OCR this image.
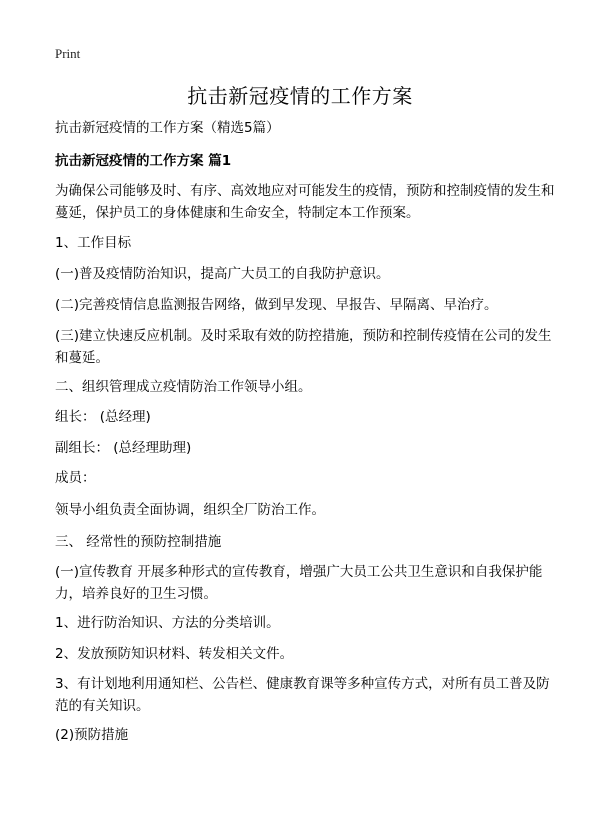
Print
抗击新冠疫情的工作方案
抗击新冠疫情的工作方案（精选5篇）
抗击新冠疫情的工作方案 篇1
为确保公司能够及时、有序、高效地应对可能发生的疫情，预防和控制疫情的发生和蔓延，保护员工的身体健康和生命安全，特制定本工作预案。
1、工作目标
(一)普及疫情防治知识，提高广大员工的自我防护意识。
(二)完善疫情信息监测报告网络，做到早发现、早报告、早隔离、早治疗。
(三)建立快速反应机制。及时采取有效的防控措施，预防和控制传疫情在公司的发生和蔓延。
二、组织管理成立疫情防治工作领导小组。
组长： (总经理)
副组长： (总经理助理)
成员：
领导小组负责全面协调，组织全厂防治工作。
三、 经常性的预防控制措施
(一)宣传教育 开展多种形式的宣传教育，增强广大员工公共卫生意识和自我保护能力，培养良好的卫生习惯。
1、进行防治知识、方法的分类培训。
2、发放预防知识材料、转发相关文件。
3、有计划地利用通知栏、公告栏、健康教育课等多种宣传方式，对所有员工普及防范的有关知识。
(2)预防措施
